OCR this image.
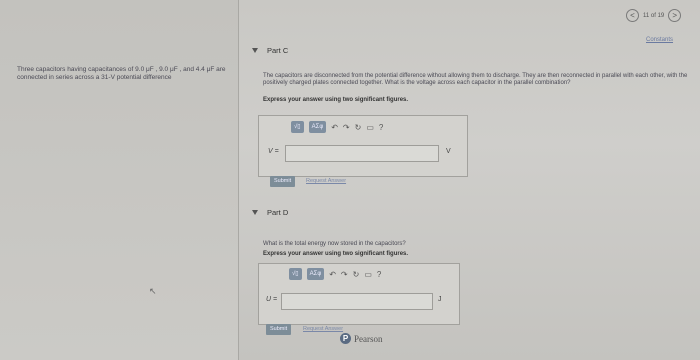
Three capacitors having capacitances of 9.0 μF , 9.0 μF , and 4.4 μF are connected in series across a 31-V potential difference
↖
<	11 of 19	>
Constants
Part C
The capacitors are disconnected from the potential difference without allowing them to discharge. They are then reconnected in parallel with each other, with the positively charged plates connected together. What is the voltage across each capacitor in the parallel combination?
Express your answer using two significant figures.
√▯	AΣφ	↶ ↷ ↻ ▭ ?
V =	V
Submit	Request Answer
Part D
What is the total energy now stored in the capacitors?
Express your answer using two significant figures.
√▯	AΣφ	↶ ↷ ↻ ▭ ?
U =	J
Submit	Request Answer
P Pearson
